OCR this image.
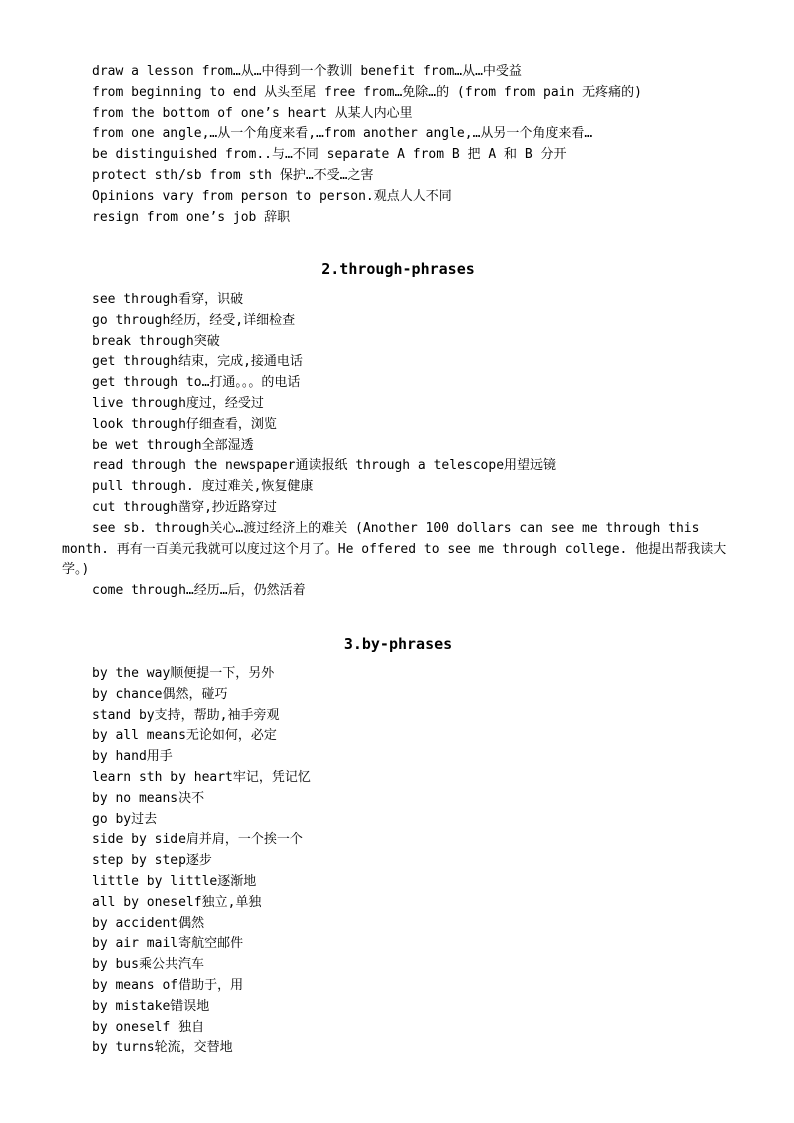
draw a lesson from…从…中得到一个教训 benefit from…从…中受益
from beginning to end 从头至尾 free from…免除…的 (from from pain 无疼痛的)
from the bottom of one’s heart 从某人内心里
from one angle,…从一个角度来看,…from another angle,…从另一个角度来看…
be distinguished from..与…不同 separate A from B 把 A 和 B 分开
protect sth/sb from sth 保护…不受…之害
Opinions vary from person to person.观点人人不同
resign from one’s job 辞职
2.through-phrases
see through看穿，识破
go through经历，经受,详细检查
break through突破
get through结束，完成,接通电话
get through to…打通。。。的电话
live through度过，经受过
look through仔细查看，浏览
be wet through全部湿透
read through the newspaper通读报纸 through a telescope用望远镜
pull through. 度过难关,恢复健康
cut through凿穿,抄近路穿过
see sb. through关心…渡过经济上的难关 (Another 100 dollars can see me through this month. 再有一百美元我就可以度过这个月了。He offered to see me through college. 他提出帮我读大学。)
come through…经历…后，仍然活着
3.by-phrases
by the way顺便提一下，另外
by chance偶然，碰巧
stand by支持，帮助,袖手旁观
by all means无论如何，必定
by hand用手
learn sth by heart牢记，凭记忆
by no means决不
go by过去
side by side肩并肩，一个挨一个
step by step逐步
little by little逐渐地
all by oneself独立,单独
by accident偶然
by air mail寄航空邮件
by bus乘公共汽车
by means of借助于，用
by mistake错误地
by oneself 独自
by turns轮流，交替地
